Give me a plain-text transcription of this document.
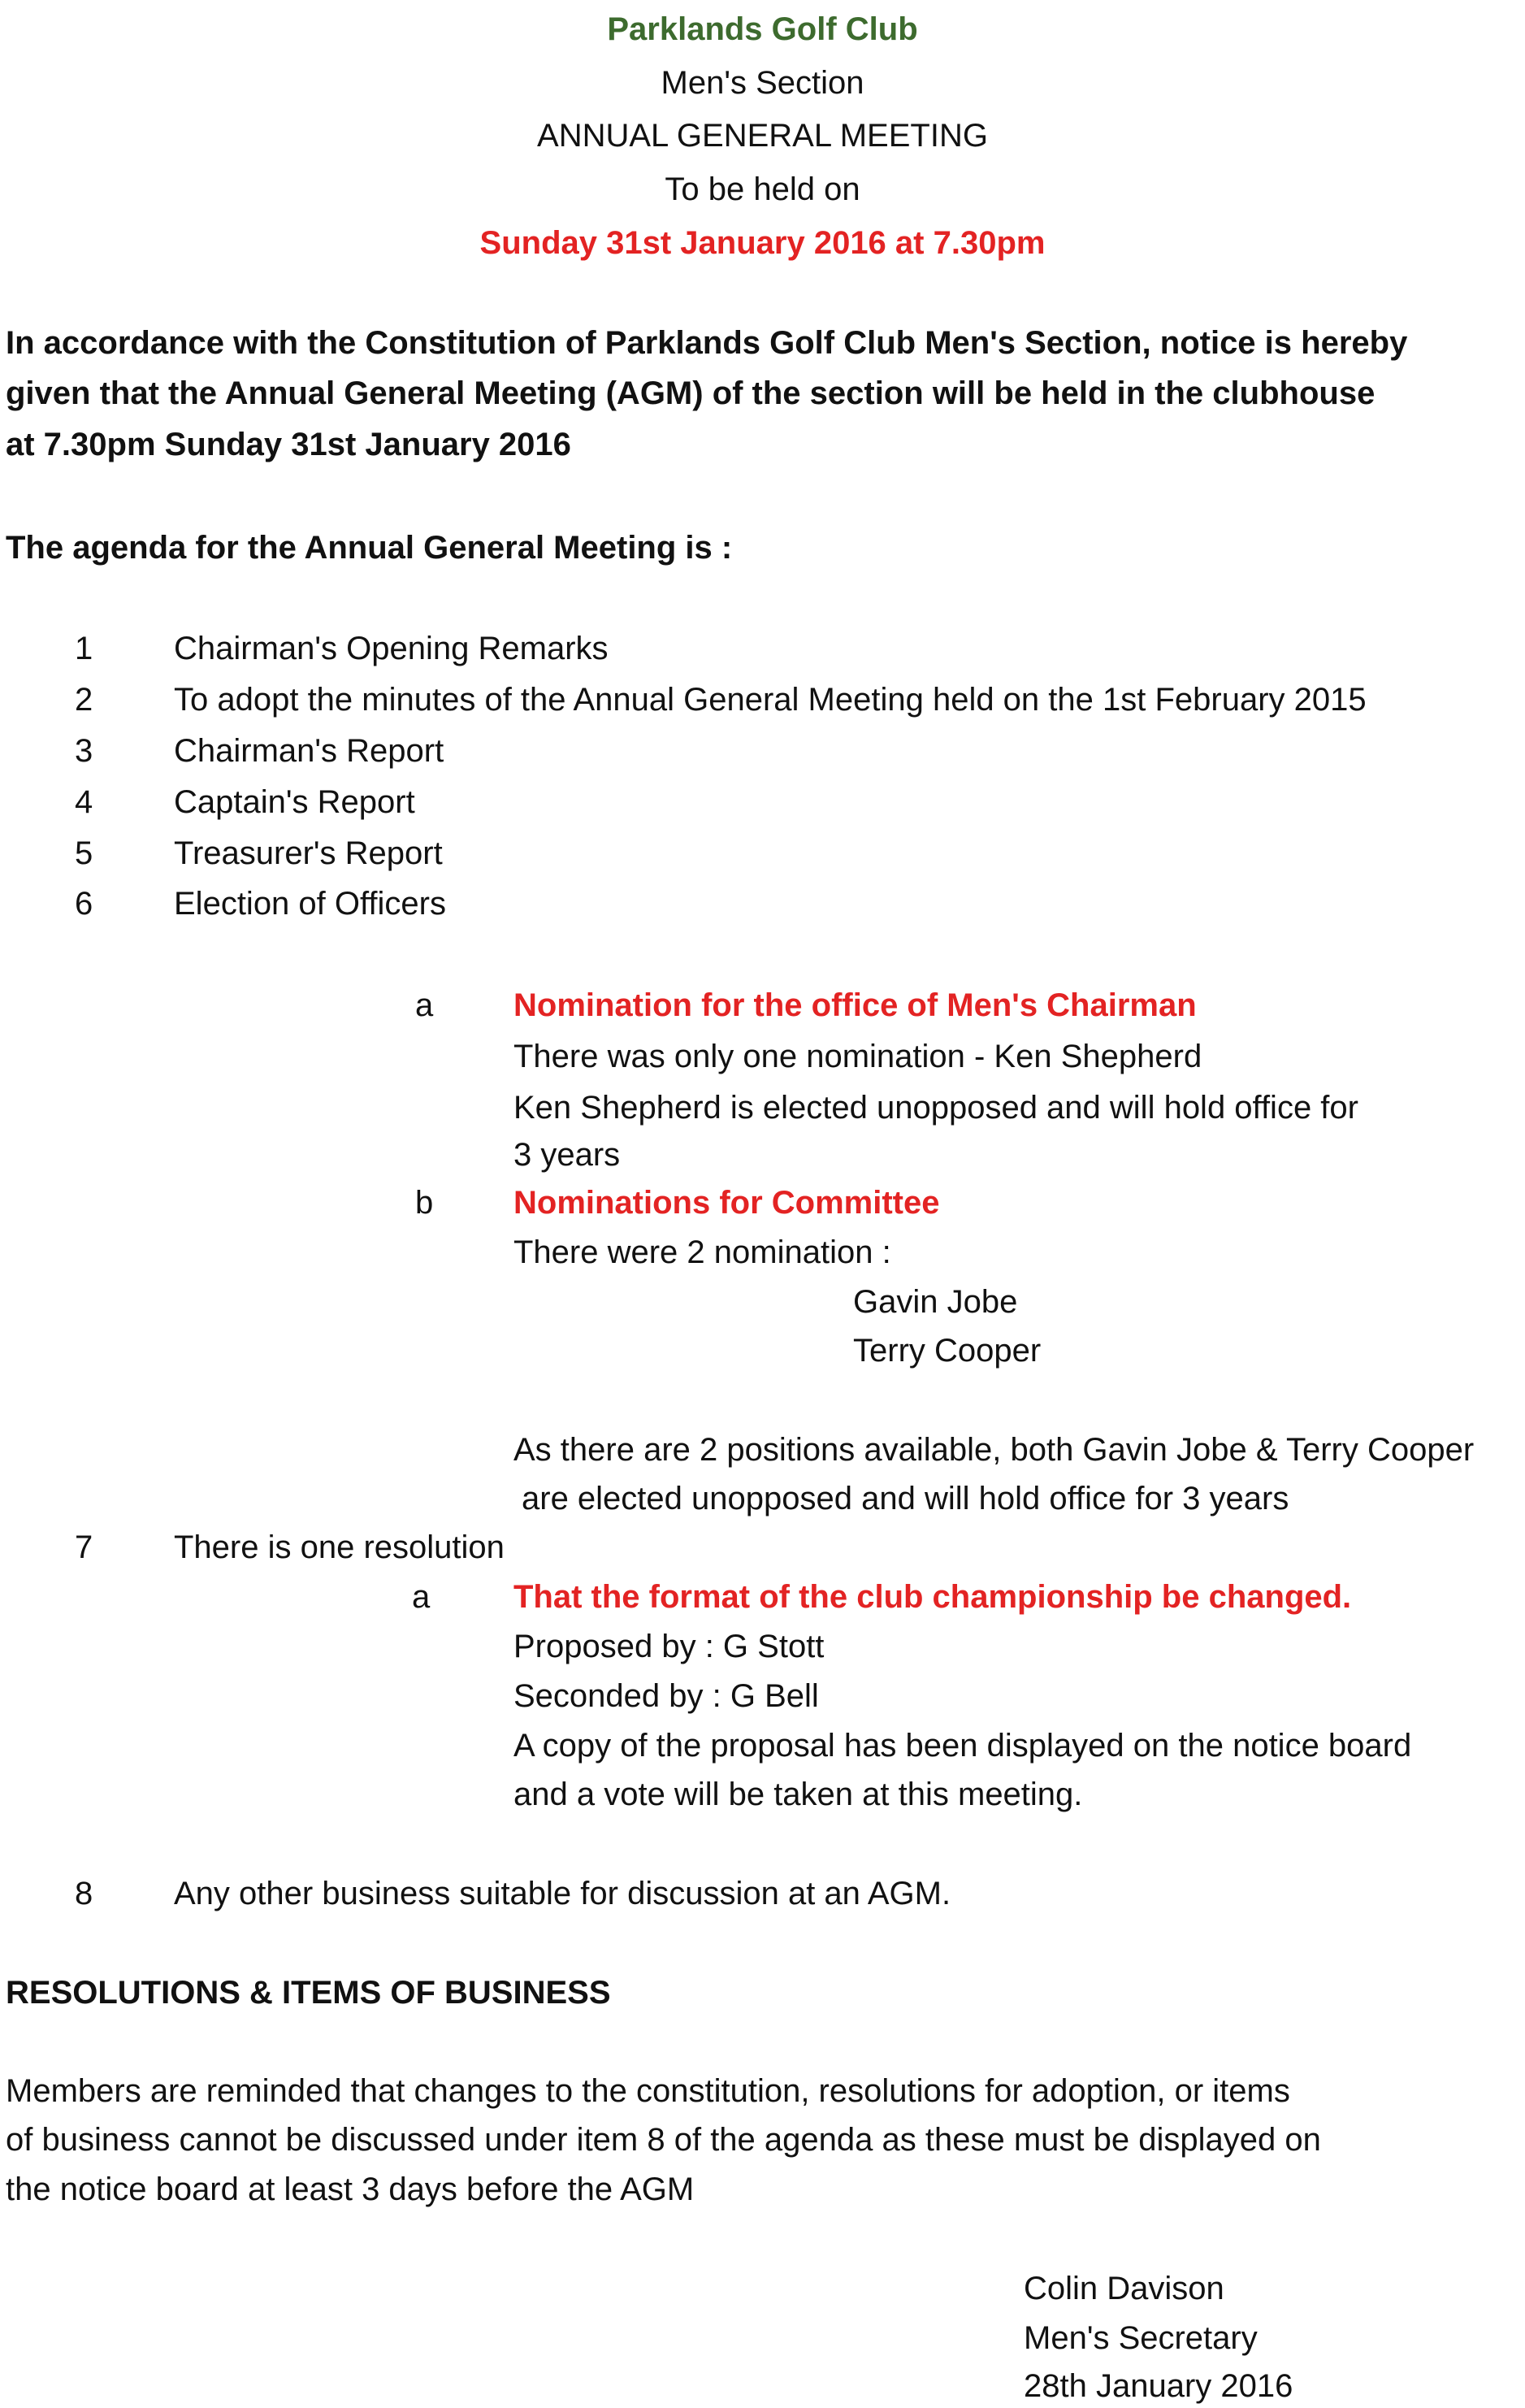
Parklands Golf Club
Men's Section
ANNUAL GENERAL MEETING
To be held on
Sunday 31st January 2016 at 7.30pm
In accordance with the Constitution of Parklands Golf Club Men's Section, notice is hereby
given that the Annual General Meeting (AGM) of the section will be held in the clubhouse
at 7.30pm Sunday 31st January 2016
The agenda for the Annual General Meeting is :
1 Chairman's Opening Remarks
2 To adopt the minutes of the Annual General Meeting held on the 1st February 2015
3 Chairman's Report
4 Captain's Report
5 Treasurer's Report
6 Election of Officers
a Nomination for the office of Men's Chairman
There was only one nomination - Ken Shepherd
Ken Shepherd is elected unopposed and will hold office for
3 years
b Nominations for Committee
There were 2 nomination :
Gavin Jobe
Terry Cooper
As there are 2 positions available, both Gavin Jobe & Terry Cooper
are elected unopposed and will hold office for 3 years
7 There is one resolution
a	That the format of the club championship be changed.
Proposed by : G Stott
Seconded by : G Bell
A copy of the proposal has been displayed on the notice board
and a vote will be taken at this meeting.
8 Any other business suitable for discussion at an AGM.
RESOLUTIONS & ITEMS OF BUSINESS
Members are reminded that changes to the constitution, resolutions for adoption, or items
of business cannot be discussed under item 8 of the agenda as these must be displayed on
the notice board at least 3 days before the AGM
Colin Davison
Men's Secretary
28th January 2016
